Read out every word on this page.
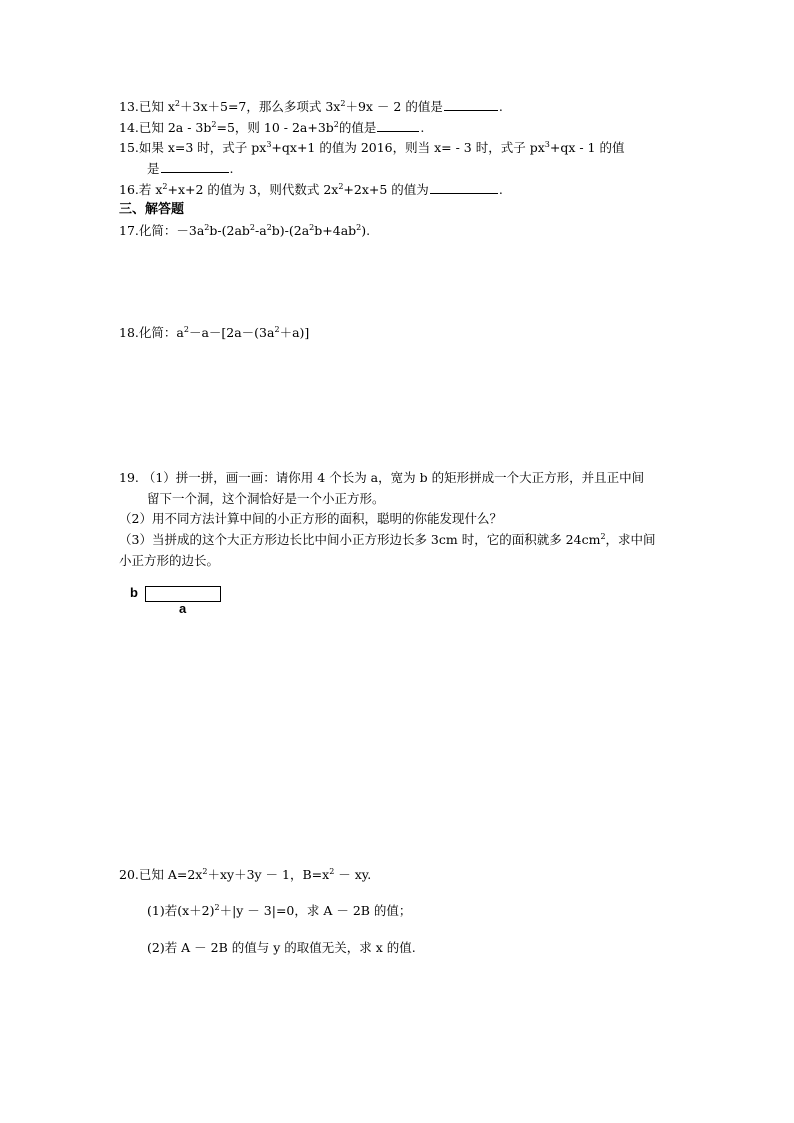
13.已知 $x^2+3x+5=7$，那么多项式 $3x^2+9x - 2$ 的值是	.
14.已知 $2a - 3b^2=5$，则 $10 - 2a+3b^2$的值是	.
15.如果 x=3 时，式子 $px^3+qx+1$ 的值为 2016，则当 x= - 3 时，式子 $px^3+qx - 1$ 的值
是	.
16.若 $x^2+x+2$ 的值为 3，则代数式 $2x^2+2x+5$ 的值为	.
三、解答题
17.化简：$-3a^2b-(2ab^2-a^2b)-(2a^2b+4ab^2)$.
18.化简：$a^2-a-[2a-(3a^2+a)]$
19. （1）拼一拼，画一画：请你用 4 个长为 a，宽为 b 的矩形拼成一个大正方形，并且正中间
留下一个洞，这个洞恰好是一个小正方形。
（2）用不同方法计算中间的小正方形的面积，聪明的你能发现什么？
（3）当拼成的这个大正方形边长比中间小正方形边长多 3cm 时，它的面积就多 $24cm^2$，求中间
小正方形的边长。
b
a
20.已知 $A=2x^2+xy+3y - 1$，$B=x^2$ － xy.
(1)若$(x+2)^2+|y - 3|=0$，求 A － 2B 的值；
(2)若 A － 2B 的值与 y 的取值无关，求 x 的值.
